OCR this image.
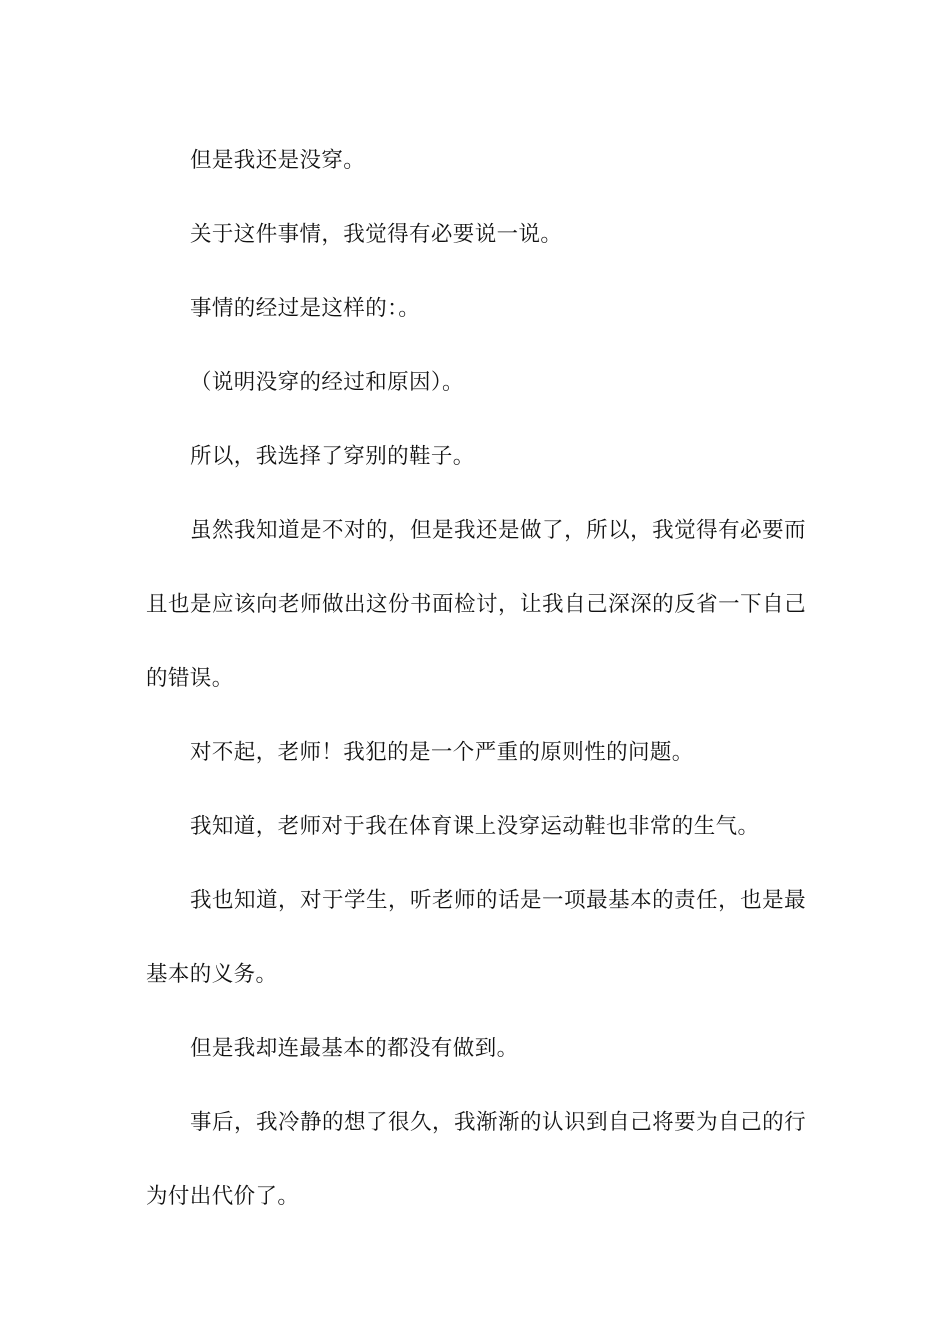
但是我还是没穿。

关于这件事情，我觉得有必要说一说。

事情的经过是这样的：。

（说明没穿的经过和原因）。

所以，我选择了穿别的鞋子。

虽然我知道是不对的，但是我还是做了，所以，我觉得有必要而且也是应该向老师做出这份书面检讨，让我自己深深的反省一下自己的错误。

对不起，老师！我犯的是一个严重的原则性的问题。

我知道，老师对于我在体育课上没穿运动鞋也非常的生气。

我也知道，对于学生，听老师的话是一项最基本的责任，也是最基本的义务。

但是我却连最基本的都没有做到。

事后，我冷静的想了很久，我渐渐的认识到自己将要为自己的行为付出代价了。
